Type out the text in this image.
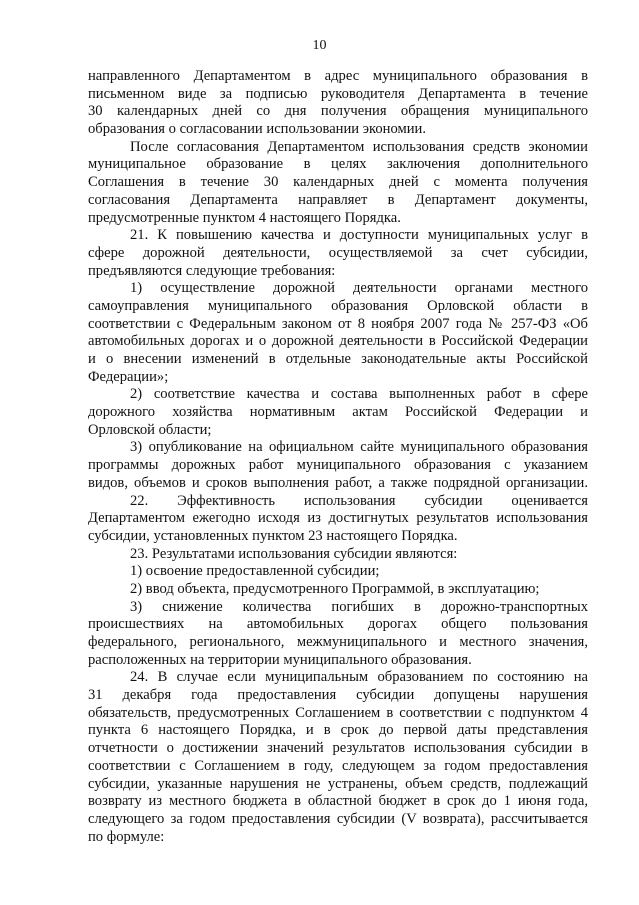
10
направленного Департаментом в адрес муниципального образования в
письменном виде за подписью руководителя Департамента в течение
30 календарных дней со дня получения обращения муниципального
образования о согласовании использовании экономии.
После согласования Департаментом использования средств экономии
муниципальное образование в целях заключения дополнительного
Соглашения в течение 30 календарных дней с момента получения
согласования Департамента направляет в Департамент документы,
предусмотренные пунктом 4 настоящего Порядка.
21. К повышению качества и доступности муниципальных услуг в
сфере дорожной деятельности, осуществляемой за счет субсидии,
предъявляются следующие требования:
1) осуществление дорожной деятельности органами местного
самоуправления муниципального образования Орловской области в
соответствии с Федеральным законом от 8 ноября 2007 года № 257-ФЗ «Об
автомобильных дорогах и о дорожной деятельности в Российской Федерации
и о внесении изменений в отдельные законодательные акты Российской
Федерации»;
2) соответствие качества и состава выполненных работ в сфере
дорожного хозяйства нормативным актам Российской Федерации и
Орловской области;
3) опубликование на официальном сайте муниципального образования
программы дорожных работ муниципального образования с указанием
видов, объемов и сроков выполнения работ, а также подрядной организации.
22. Эффективность использования субсидии оценивается
Департаментом ежегодно исходя из достигнутых результатов использования
субсидии, установленных пунктом 23 настоящего Порядка.
23. Результатами использования субсидии являются:
1) освоение предоставленной субсидии;
2) ввод объекта, предусмотренного Программой, в эксплуатацию;
3) снижение количества погибших в дорожно-транспортных
происшествиях на автомобильных дорогах общего пользования
федерального, регионального, межмуниципального и местного значения,
расположенных на территории муниципального образования.
24. В случае если муниципальным образованием по состоянию на
31 декабря года предоставления субсидии допущены нарушения
обязательств, предусмотренных Соглашением в соответствии с подпунктом 4
пункта 6 настоящего Порядка, и в срок до первой даты представления
отчетности о достижении значений результатов использования субсидии в
соответствии с Соглашением в году, следующем за годом предоставления
субсидии, указанные нарушения не устранены, объем средств, подлежащий
возврату из местного бюджета в областной бюджет в срок до 1 июня года,
следующего за годом предоставления субсидии (V возврата), рассчитывается
по формуле:
